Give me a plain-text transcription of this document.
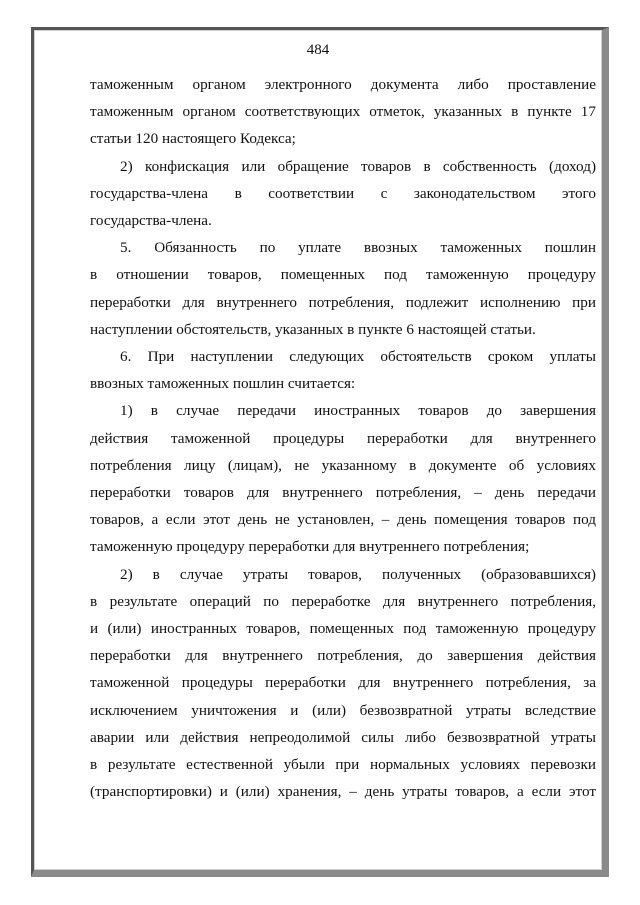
484
таможенным органом электронного документа либо проставление
таможенным органом соответствующих отметок, указанных в пункте 17
статьи 120 настоящего Кодекса;
2) конфискация или обращение товаров в собственность (доход)
государства-члена в соответствии с законодательством этого
государства-члена.
5. Обязанность по уплате ввозных таможенных пошлин
в отношении товаров, помещенных под таможенную процедуру
переработки для внутреннего потребления, подлежит исполнению при
наступлении обстоятельств, указанных в пункте 6 настоящей статьи.
6. При наступлении следующих обстоятельств сроком уплаты
ввозных таможенных пошлин считается:
1) в случае передачи иностранных товаров до завершения
действия таможенной процедуры переработки для внутреннего
потребления лицу (лицам), не указанному в документе об условиях
переработки товаров для внутреннего потребления, – день передачи
товаров, а если этот день не установлен, – день помещения товаров под
таможенную процедуру переработки для внутреннего потребления;
2) в случае утраты товаров, полученных (образовавшихся)
в результате операций по переработке для внутреннего потребления,
и (или) иностранных товаров, помещенных под таможенную процедуру
переработки для внутреннего потребления, до завершения действия
таможенной процедуры переработки для внутреннего потребления, за
исключением уничтожения и (или) безвозвратной утраты вследствие
аварии или действия непреодолимой силы либо безвозвратной утраты
в результате естественной убыли при нормальных условиях перевозки
(транспортировки) и (или) хранения, – день утраты товаров, а если этот
